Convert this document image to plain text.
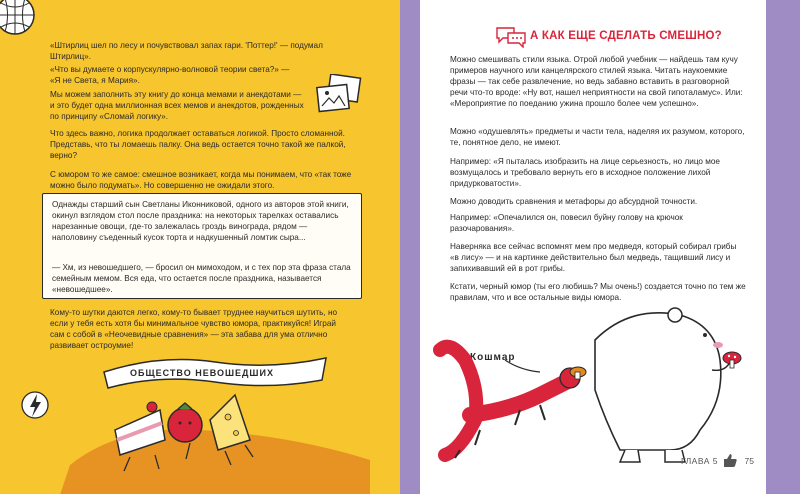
«Штирлиц шел по лесу и почувствовал запах гари. 'Поттер!' — подумал Штирлиц».

«Что вы думаете о корпускулярно-волновой теории света?» — «Я не Света, я Мария».

Мы можем заполнить эту книгу до конца мемами и анекдотами — и это будет одна миллионная всех мемов и анекдотов, рожденных по принципу «Сломай логику».

Что здесь важно, логика продолжает оставаться логикой. Просто сломанной. Представь, что ты ломаешь палку. Она ведь остается точно такой же палкой, верно?

С юмором то же самое: смешное возникает, когда мы понимаем, что «так тоже можно было подумать». Но совершенно не ожидали этого.

Однажды старший сын Светланы Иконниковой, одного из авторов этой книги, окинул взглядом стол после праздника: на некоторых тарелках оставались нарезанные овощи, где-то залежалась гроздь винограда, рядом — наполовину съеденный кусок торта и надкушенный ломтик сыра...

— Хм, из невошедшего, — бросил он мимоходом, и с тех пор эта фраза стала семейным мемом. Вся еда, что остается после праздника, называется «невошедшее».

Кому-то шутки даются легко, кому-то бывает труднее научиться шутить, но если у тебя есть хотя бы минимальное чувство юмора, практикуйся! Играй сам с собой в «Неочевидные сравнения» — эта забава для ума отлично развивает остроумие!

ОБЩЕСТВО НЕВОШЕДШИХ
А КАК ЕЩЕ СДЕЛАТЬ СМЕШНО?

Можно смешивать стили языка. Отрой любой учебник — найдешь там кучу примеров научного или канцелярского стилей языка. Читать наукоемкие фразы — так себе развлечение, но ведь забавно вставить в разговорной речи что-то вроде: «Ну вот, нашел неприятности на свой гипоталамус». Или: «Мероприятие по поеданию ужина прошло более чем успешно».

Можно «одушевлять» предметы и части тела, наделяя их разумом, которого, те, понятное дело, не имеют.

Например: «Я пыталась изобразить на лице серьезность, но лицо мое возмущалось и требовало вернуть его в исходное положение лихой придурковатости».

Можно доводить сравнения и метафоры до абсурдной точности.

Например: «Опечалился он, повесил буйну голову на крючок разочарования».

Наверняка все сейчас вспомнят мем про медведя, который собирал грибы «в лису» — и на картинке действительно был медведь, тащивший лису и запихивавший ей в рот грибы.

Кстати, черный юмор (ты его любишь? Мы очень!) создается точно по тем же правилам, что и все остальные виды юмора.

Кошмар
ГЛАВА 5	75
